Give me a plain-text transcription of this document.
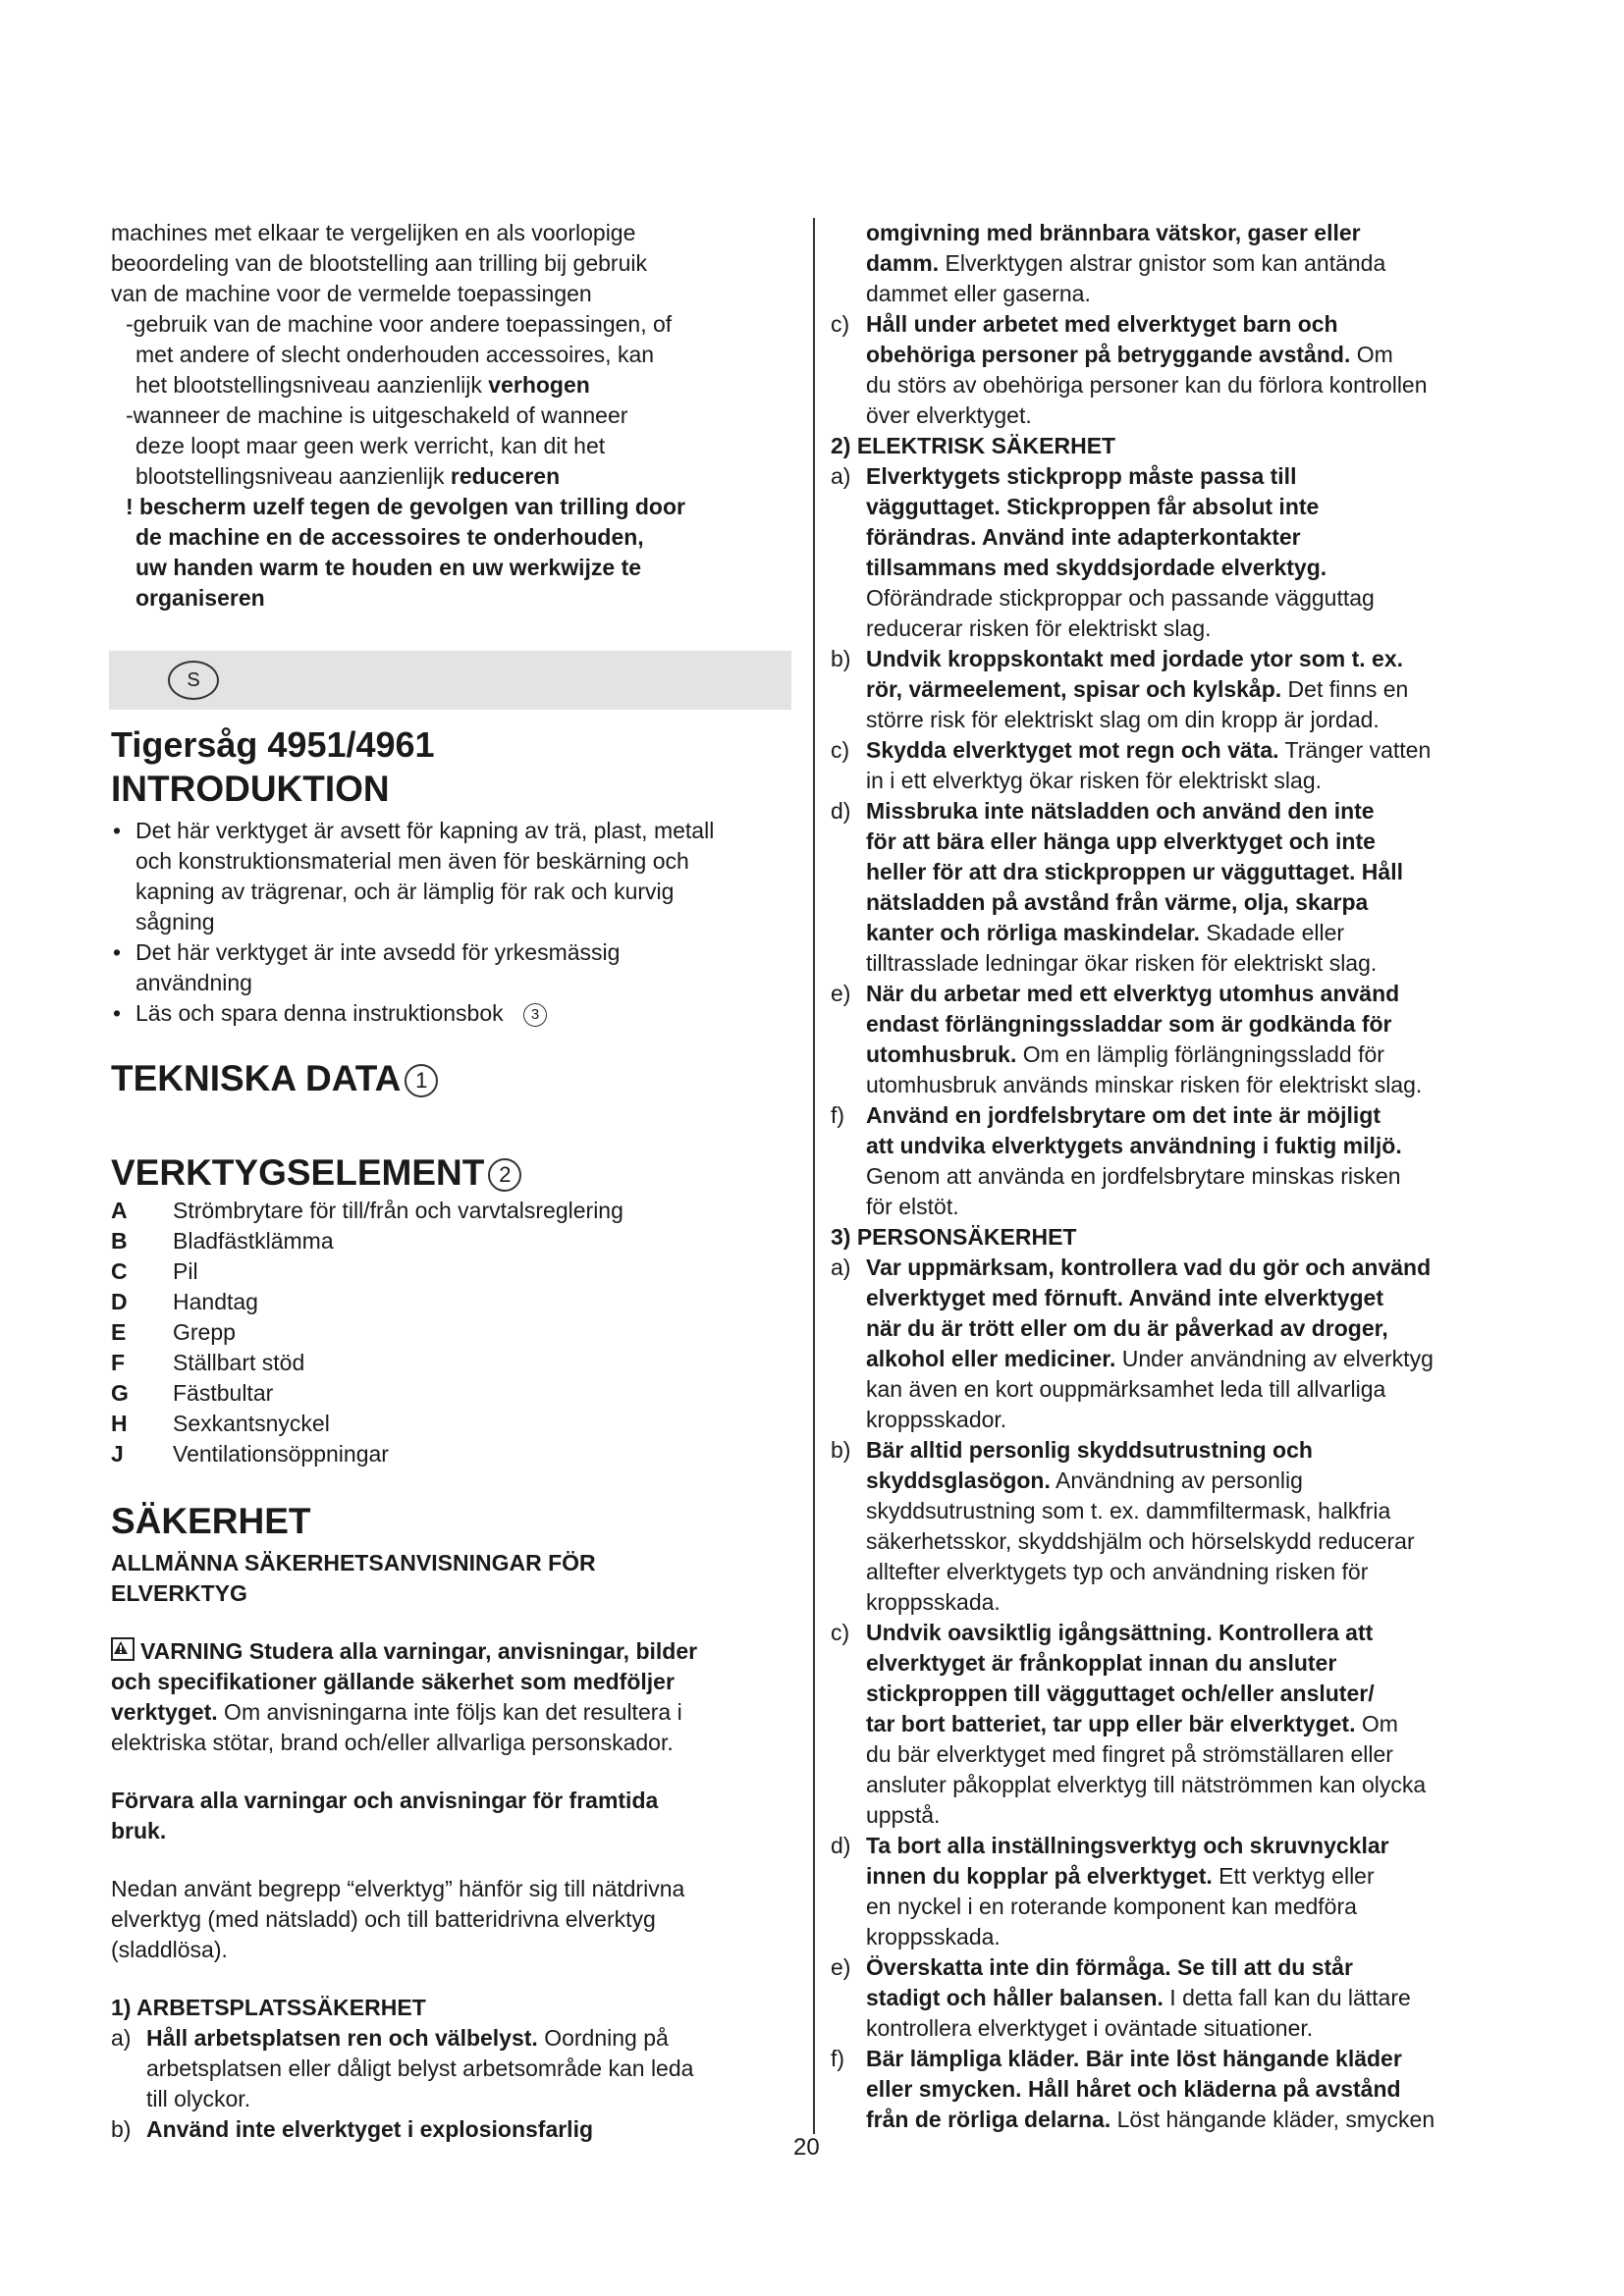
machines met elkaar te vergelijken en als voorlopige
beoordeling van de blootstelling aan trilling bij gebruik
van de machine voor de vermelde toepassingen
-gebruik van de machine voor andere toepassingen, of
met andere of slecht onderhouden accessoires, kan
het blootstellingsniveau aanzienlijk verhogen
-wanneer de machine is uitgeschakeld of wanneer
deze loopt maar geen werk verricht, kan dit het
blootstellingsniveau aanzienlijk reduceren
! bescherm uzelf tegen de gevolgen van trilling door
de machine en de accessoires te onderhouden,
uw handen warm te houden en uw werkwijze te
organiseren
S
Tigersåg 4951/4961
INTRODUKTION
• Det här verktyget är avsett för kapning av trä, plast, metall
och konstruktionsmaterial men även för beskärning och
kapning av trägrenar, och är lämplig för rak och kurvig
sågning
• Det här verktyget är inte avsedd för yrkesmässig
användning
• Läs och spara denna instruktionsbok 3
TEKNISKA DATA 1
VERKTYGSELEMENT 2
A	Strömbrytare för till/från och varvtalsreglering
B	Bladfästklämma
C	Pil
D	Handtag
E	Grepp
F	Ställbart stöd
G	Fästbultar
H	Sexkantsnyckel
J	Ventilationsöppningar
SÄKERHET
ALLMÄNNA SÄKERHETSANVISNINGAR FÖR
ELVERKTYG
VARNING Studera alla varningar, anvisningar, bilder
och specifikationer gällande säkerhet som medföljer
verktyget. Om anvisningarna inte följs kan det resultera i
elektriska stötar, brand och/eller allvarliga personskador.
Förvara alla varningar och anvisningar för framtida
bruk.
Nedan använt begrepp “elverktyg” hänför sig till nätdrivna
elverktyg (med nätsladd) och till batteridrivna elverktyg
(sladdlösa).
1) ARBETSPLATSSÄKERHET
a) Håll arbetsplatsen ren och välbelyst. Oordning på
arbetsplatsen eller dåligt belyst arbetsområde kan leda
till olyckor.
b) Använd inte elverktyget i explosionsfarlig
omgivning med brännbara vätskor, gaser eller
damm. Elverktygen alstrar gnistor som kan antända
dammet eller gaserna.
c) Håll under arbetet med elverktyget barn och
obehöriga personer på betryggande avstånd. Om
du störs av obehöriga personer kan du förlora kontrollen
över elverktyget.
2) ELEKTRISK SÄKERHET
a) Elverktygets stickpropp måste passa till
vägguttaget. Stickproppen får absolut inte
förändras. Använd inte adapterkontakter
tillsammans med skyddsjordade elverktyg.
Oförändrade stickproppar och passande vägguttag
reducerar risken för elektriskt slag.
b) Undvik kroppskontakt med jordade ytor som t. ex.
rör, värmeelement, spisar och kylskåp. Det finns en
större risk för elektriskt slag om din kropp är jordad.
c) Skydda elverktyget mot regn och väta. Tränger vatten
in i ett elverktyg ökar risken för elektriskt slag.
d) Missbruka inte nätsladden och använd den inte
för att bära eller hänga upp elverktyget och inte
heller för att dra stickproppen ur vägguttaget. Håll
nätsladden på avstånd från värme, olja, skarpa
kanter och rörliga maskindelar. Skadade eller
tilltrasslade ledningar ökar risken för elektriskt slag.
e) När du arbetar med ett elverktyg utomhus använd
endast förlängningssladdar som är godkända för
utomhusbruk. Om en lämplig förlängningssladd för
utomhusbruk används minskar risken för elektriskt slag.
f) Använd en jordfelsbrytare om det inte är möjligt
att undvika elverktygets användning i fuktig miljö.
Genom att använda en jordfelsbrytare minskas risken
för elstöt.
3) PERSONSÄKERHET
a) Var uppmärksam, kontrollera vad du gör och använd
elverktyget med förnuft. Använd inte elverktyget
när du är trött eller om du är påverkad av droger,
alkohol eller mediciner. Under användning av elverktyg
kan även en kort ouppmärksamhet leda till allvarliga
kroppsskador.
b) Bär alltid personlig skyddsutrustning och
skyddsglasögon. Användning av personlig
skyddsutrustning som t. ex. dammfiltermask, halkfria
säkerhetsskor, skyddshjälm och hörselskydd reducerar
alltefter elverktygets typ och användning risken för
kroppsskada.
c) Undvik oavsiktlig igångsättning. Kontrollera att
elverktyget är frånkopplat innan du ansluter
stickproppen till vägguttaget och/eller ansluter/
tar bort batteriet, tar upp eller bär elverktyget. Om
du bär elverktyget med fingret på strömställaren eller
ansluter påkopplat elverktyg till nätströmmen kan olycka
uppstå.
d) Ta bort alla inställningsverktyg och skruvnycklar
innen du kopplar på elverktyget. Ett verktyg eller
en nyckel i en roterande komponent kan medföra
kroppsskada.
e) Överskatta inte din förmåga. Se till att du står
stadigt och håller balansen. I detta fall kan du lättare
kontrollera elverktyget i oväntade situationer.
f) Bär lämpliga kläder. Bär inte löst hängande kläder
eller smycken. Håll håret och kläderna på avstånd
från de rörliga delarna. Löst hängande kläder, smycken
20
